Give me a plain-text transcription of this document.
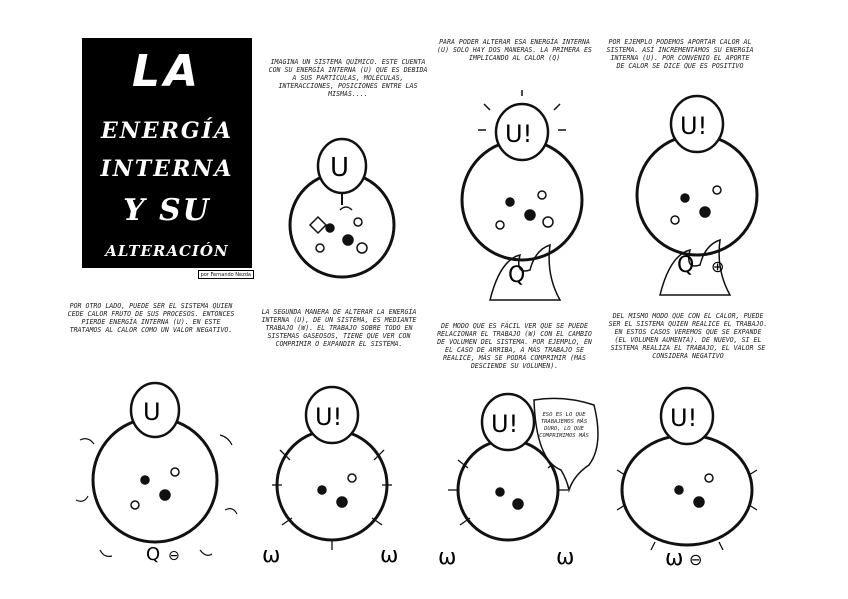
LA
ENERGÍA
INTERNA
Y SU
ALTERACIÓN
por Fernando Nezda
IMAGINA UN SISTEMA QUÍMICO. ESTE CUENTA CON SU ENERGÍA INTERNA (U) QUE ES DEBIDA A SUS PARTÍCULAS, MOLÉCULAS, INTERACCIONES, POSICIONES ENTRE LAS MISMAS....
PARA PODER ALTERAR ESA ENERGÍA INTERNA (U) SOLO HAY DOS MANERAS. LA PRIMERA ES IMPLICANDO AL CALOR (Q)
POR EJEMPLO PODEMOS APORTAR CALOR AL SISTEMA. ASÍ INCREMENTAMOS SU ENERGÍA INTERNA (U). POR CONVENIO EL APORTE DE CALOR SE DICE QUE ES POSITIVO
POR OTRO LADO, PUEDE SER EL SISTEMA QUIEN CEDE CALOR FRUTO DE SUS PROCESOS. ENTONCES PIERDE ENERGÍA INTERNA (U). EN ESTE TRATAMOS AL CALOR COMO UN VALOR NEGATIVO.
LA SEGUNDA MANERA DE ALTERAR LA ENERGÍA INTERNA (U), DE UN SISTEMA, ES MEDIANTE TRABAJO (W). EL TRABAJO SOBRE TODO EN SISTEMAS GASEOSOS, TIENE QUE VER CON COMPRIMIR O EXPANDIR EL SISTEMA.
DE MODO QUE ES FÁCIL VER QUE SE PUEDE RELACIONAR EL TRABAJO (W) CON EL CAMBIO DE VOLUMEN DEL SISTEMA. POR EJEMPLO, EN EL CASO DE ARRIBA, A MÁS TRABAJO SE REALICE, MÁS SE PODRÁ COMPRIMIR (MÁS DESCIENDE SU VOLUMEN).
DEL MISMO MODO QUE CON EL CALOR, PUEDE SER EL SISTEMA QUIEN REALICE EL TRABAJO. EN ESTOS CASOS VEREMOS QUE SE EXPANDE (EL VOLUMEN AUMENTA). DE NUEVO, SI EL SISTEMA REALIZA EL TRABAJO, EL VALOR SE CONSIDERA NEGATIVO
U
U!
Q
U!
Q ⊕
U
Q ⊖
U!
ω	ω
U!
ω	ω
ESO ES LO QUE TRABAJEMOS MÁS DURO, LO QUE COMPRIMIMOS MÁS
U!
ω ⊖
